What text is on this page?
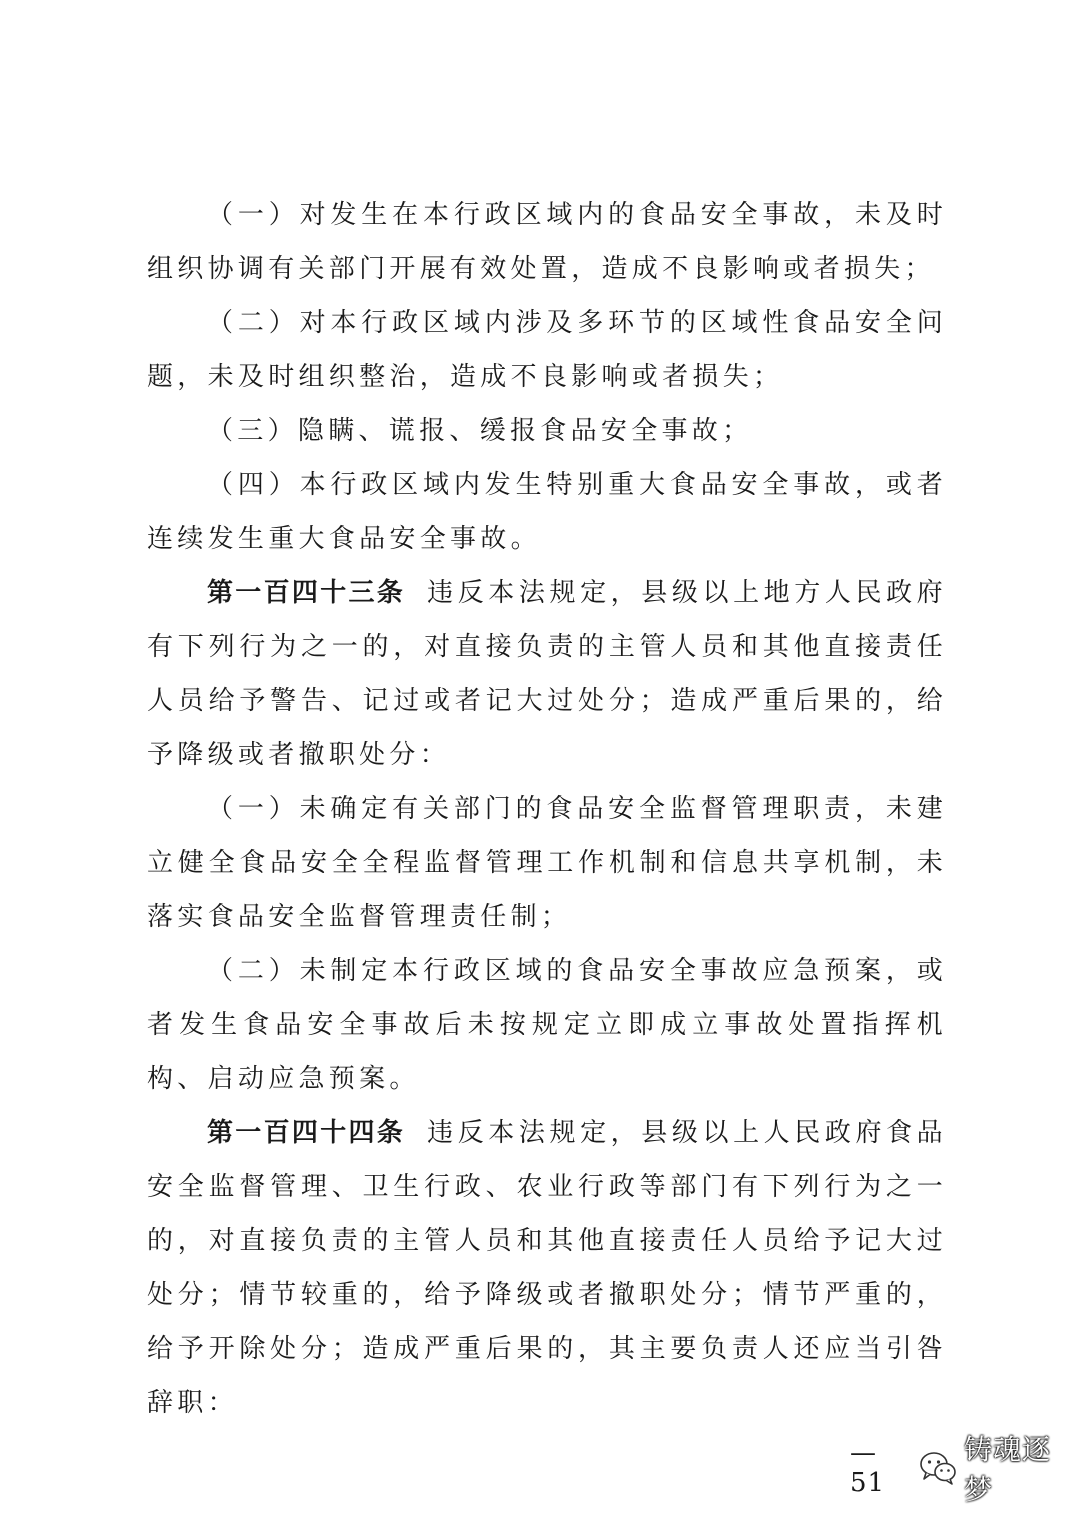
（一）对发生在本行政区域内的食品安全事故，未及时组织协调有关部门开展有效处置，造成不良影响或者损失；

（二）对本行政区域内涉及多环节的区域性食品安全问题，未及时组织整治，造成不良影响或者损失；

（三）隐瞒、谎报、缓报食品安全事故；

（四）本行政区域内发生特别重大食品安全事故，或者连续发生重大食品安全事故。

第一百四十三条 违反本法规定，县级以上地方人民政府有下列行为之一的，对直接负责的主管人员和其他直接责任人员给予警告、记过或者记大过处分；造成严重后果的，给予降级或者撤职处分：

（一）未确定有关部门的食品安全监督管理职责，未建立健全食品安全全程监督管理工作机制和信息共享机制，未落实食品安全监督管理责任制；

（二）未制定本行政区域的食品安全事故应急预案，或者发生食品安全事故后未按规定立即成立事故处置指挥机构、启动应急预案。

第一百四十四条 违反本法规定，县级以上人民政府食品安全监督管理、卫生行政、农业行政等部门有下列行为之一的，对直接负责的主管人员和其他直接责任人员给予记大过处分；情节较重的，给予降级或者撤职处分；情节严重的，给予开除处分；造成严重后果的，其主要负责人还应当引咎辞职：

—51
铸魂逐梦
